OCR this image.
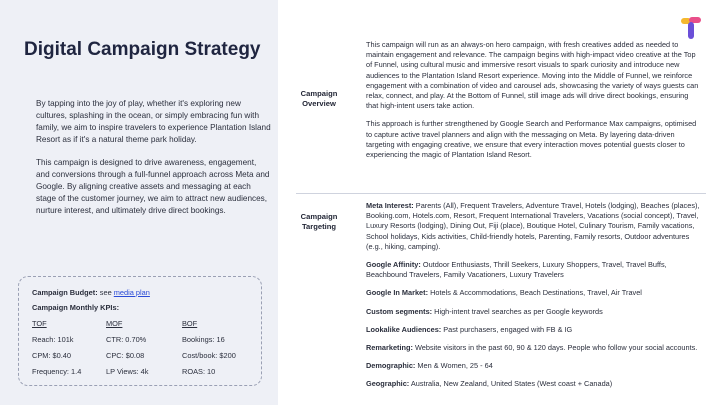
Digital Campaign Strategy

By tapping into the joy of play, whether it's exploring new cultures, splashing in the ocean, or simply embracing fun with family, we aim to inspire travelers to experience Plantation Island Resort as if it's a natural theme park holiday.

This campaign is designed to drive awareness, engagement, and conversions through a full-funnel approach across Meta and Google. By aligning creative assets and messaging at each stage of the customer journey, we aim to attract new audiences, nurture interest, and ultimately drive direct bookings.

Campaign Budget: see media plan
Campaign Monthly KPIs:
TOF	MOF	BOF
Reach: 101k	CTR: 0.70%	Bookings: 16
CPM: $0.40	CPC: $0.08	Cost/book: $200
Frequency: 1.4	LP Views: 4k	ROAS: 10
Campaign Overview

This campaign will run as an always-on hero campaign, with fresh creatives added as needed to maintain engagement and relevance. The campaign begins with high-impact video creative at the Top of Funnel, using cultural music and immersive resort visuals to spark curiosity and introduce new audiences to the Plantation Island Resort experience. Moving into the Middle of Funnel, we reinforce engagement with a combination of video and carousel ads, showcasing the variety of ways guests can relax, connect, and play. At the Bottom of Funnel, still image ads will drive direct bookings, ensuring that high-intent users take action.

This approach is further strengthened by Google Search and Performance Max campaigns, optimised to capture active travel planners and align with the messaging on Meta. By layering data-driven targeting with engaging creative, we ensure that every interaction moves potential guests closer to experiencing the magic of Plantation Island Resort.

Campaign Targeting

Meta Interest: Parents (All), Frequent Travelers, Adventure Travel, Hotels (lodging), Beaches (places), Booking.com, Hotels.com, Resort, Frequent International Travelers, Vacations (social concept), Travel, Luxury Resorts (lodging), Dining Out, Fiji (place), Boutique Hotel, Culinary Tourism, Family vacations, School holidays, Kids activities, Child-friendly hotels, Parenting, Family resorts, Outdoor adventures (e.g., hiking, camping).

Google Affinity: Outdoor Enthusiasts, Thrill Seekers, Luxury Shoppers, Travel, Travel Buffs, Beachbound Travelers, Family Vacationers, Luxury Travelers

Google In Market: Hotels & Accommodations, Beach Destinations, Travel, Air Travel

Custom segments: High-intent travel searches as per Google keywords

Lookalike Audiences: Past purchasers, engaged with FB & IG

Remarketing: Website visitors in the past 60, 90 & 120 days. People who follow your social accounts.

Demographic: Men & Women, 25 - 64

Geographic: Australia, New Zealand, United States (West coast + Canada)
